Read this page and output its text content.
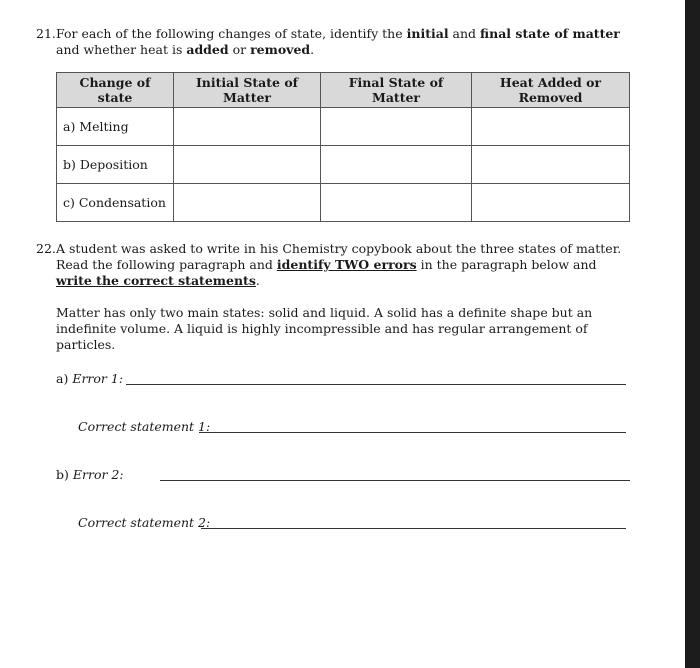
21. For each of the following changes of state, identify the initial and final state of matter and whether heat is added or removed.
Change of state	Initial State of Matter	Final State of Matter	Heat Added or Removed
a) Melting			
b) Deposition			
c) Condensation			
22. A student was asked to write in his Chemistry copybook about the three states of matter. Read the following paragraph and identify TWO errors in the paragraph below and write the correct statements.
Matter has only two main states: solid and liquid. A solid has a definite shape but an indefinite volume. A liquid is highly incompressible and has regular arrangement of particles.
a) Error 1:
Correct statement 1:
b) Error 2:
Correct statement 2:
